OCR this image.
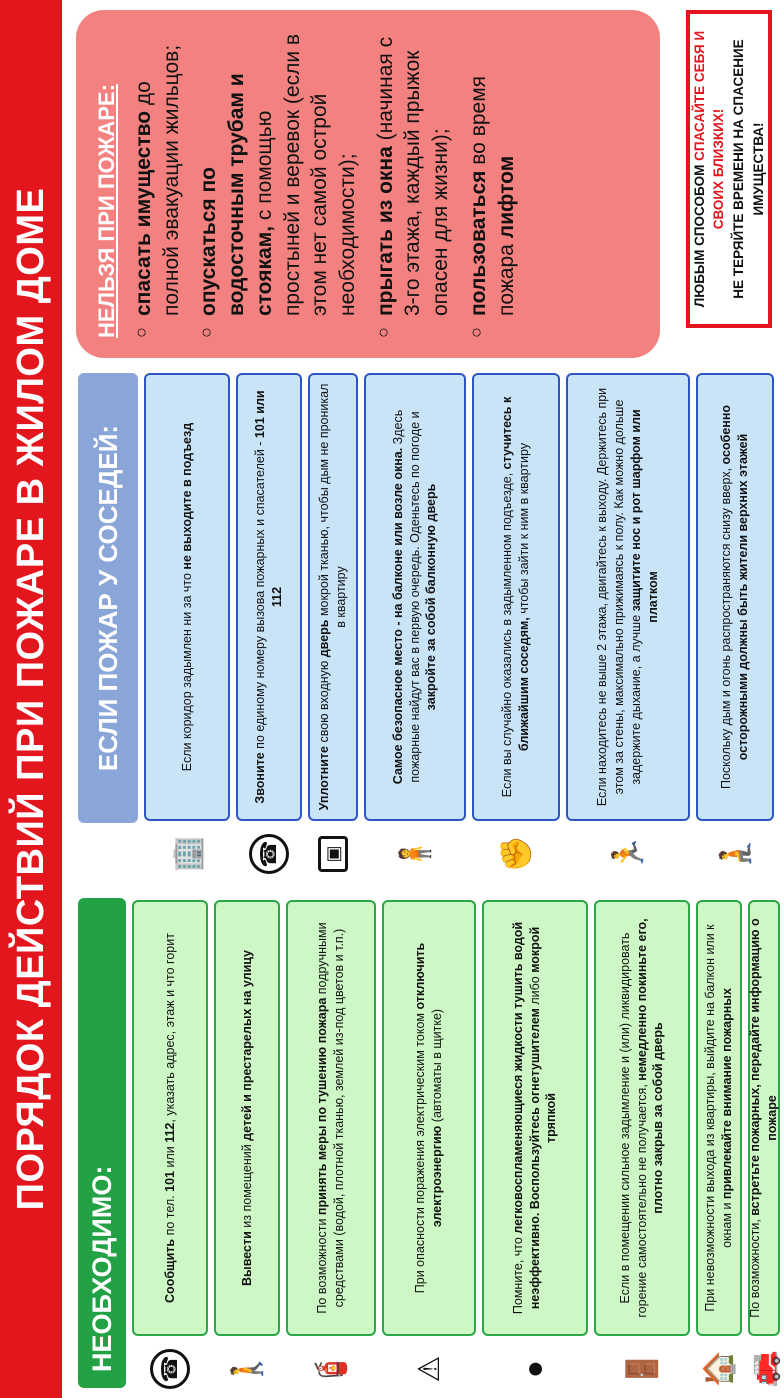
ПОРЯДОК ДЕЙСТВИЙ ПРИ ПОЖАРЕ В ЖИЛОМ ДОМЕ
НЕОБХОДИМО:	☎
Сообщить по тел. 101 или 112, указать адрес, этаж и что горит
🚶
Вывести из помещений детей и престарелых на улицу
🧯
По возможности принять меры по тушению пожара подручными средствами (водой, плотной тканью, землей из-под цветов и т.п.)
⚠
При опасности поражения электрическим током отключить электроэнергию (автоматы в щитке)
●
Помните, что легковоспламеняющиеся жидкости тушить водой неэффективно. Воспользуйтесь огнетушителем либо мокрой тряпкой
🚪
Если в помещении сильное задымление и (или) ликвидировать горение самостоятельно не получается, немедленно покиньте его, плотно закрыв за собой дверь
🏠
При невозможности выхода из квартиры, выйдите на балкон или к окнам и привлекайте внимание пожарных
🚒
По возможности, встретьте пожарных, передайте информацию о пожаре
ЕСЛИ ПОЖАР У СОСЕДЕЙ:
🏢
Если коридор задымлен ни за что не выходите в подъезд
☎
Звоните по единому номеру вызова пожарных и спасателей - 101 или 112
▣
Уплотните свою входную дверь мокрой тканью, чтобы дым не проникал в квартиру
🧍
Самое безопасное место - на балконе или возле окна. Здесь пожарные найдут вас в первую очередь. Оденьтесь по погоде и закройте за собой балконную дверь
✊
Если вы случайно оказались в задымленном подъезде, стучитесь к ближайшим соседям, чтобы зайти к ним в квартиру
🏃
Если находитесь не выше 2 этажа, двигайтесь к выходу. Держитесь при этом за стены, максимально прижимаясь к полу. Как можно дольше задержите дыхание, а лучше защитите нос и рот шарфом или платком
🧎
Поскольку дым и огонь распространяются снизу вверх, особенно осторожными должны быть жители верхних этажей
НЕЛЬЗЯ ПРИ ПОЖАРЕ: ○ спасать имущество до полной эвакуации жильцов; ○ опускаться по водосточным трубам и стоякам, с помощью простыней и веревок (если в этом нет самой острой необходимости); ○ прыгать из окна (начиная с 3-го этажа, каждый прыжок опасен для жизни); ○ пользоваться во время пожара лифтом	ЛЮБЫМ СПОСОБОМ СПАСАЙТЕ СЕБЯ И СВОИХ БЛИЗКИХ! НЕ ТЕРЯЙТЕ ВРЕМЕНИ НА СПАСЕНИЕ ИМУЩЕСТВА!
